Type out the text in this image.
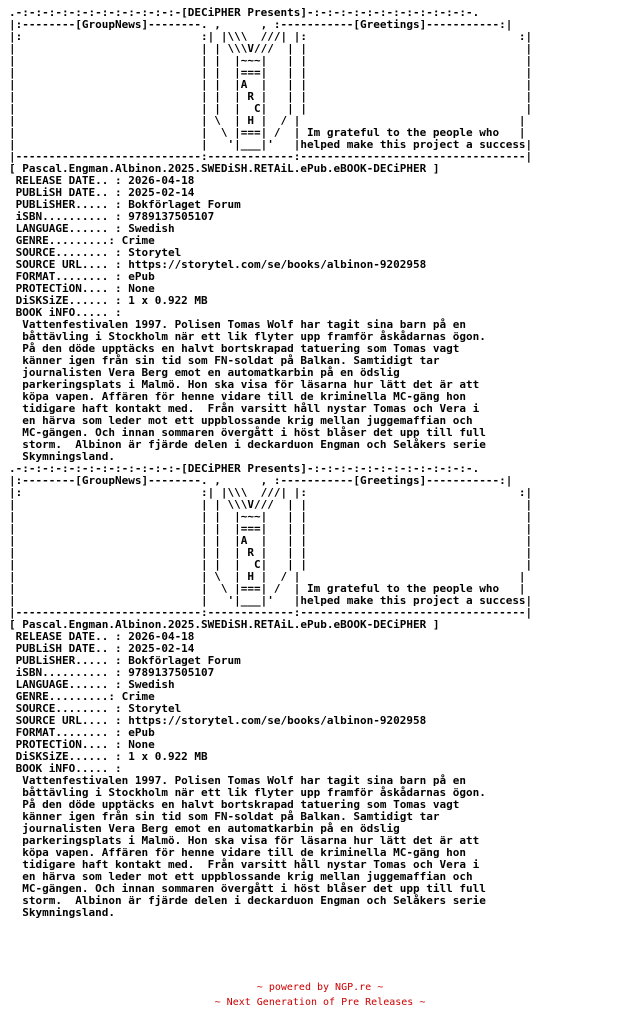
.-:-:-:-:-:-:-:-:-:-:-:-:-[DECiPHER Presents]-:-:-:-:-:-:-:-:-:-:-:-:-.
|:--------[GroupNews]--------. ,      , :-----------[Greetings]-----------:|
|:                           :| |\\\  ///| |:                                :|
|                            | | \\\V///  | |                                 |
|                            | |  |~~~|   | |                                 |
|                            | |  |===|   | |                                 |
|                            | |  |A  |   | |                                 |
|                            | |  | R |   | |                                 |
|                            | |  |  C|   | |                                 |
|                            | \  | H |  / |                                 |
|                            |  \ |===| /  | Im grateful to the people who   |
|                            |   '|___|'   |helped make this project a success|
|----------------------------:-------------:----------------------------------|
[ Pascal.Engman.Albinon.2025.SWEDiSH.RETAiL.ePub.eBOOK-DECiPHER ]
RELEASE DATE.. : 2026-04-18
PUBLiSH DATE.. : 2025-02-14
PUBLiSHER..... : Bokförlaget Forum
iSBN.......... : 9789137505107
LANGUAGE...... : Swedish
GENRE.........: Crime
SOURCE........ : Storytel
SOURCE URL.... : https://storytel.com/se/books/albinon-9202958
FORMAT........ : ePub
PROTECTiON.... : None
DiSKSiZE...... : 1 x 0.922 MB
BOOK iNFO..... :
Vattenfestivalen 1997. Polisen Tomas Wolf har tagit sina barn på en
båttävling i Stockholm när ett lik flyter upp framför åskådarnas ögon.
På den döde upptäcks en halvt bortskrapad tatuering som Tomas vagt
känner igen från sin tid som FN-soldat på Balkan. Samtidigt tar
journalisten Vera Berg emot en automatkarbin på en ödslig
parkeringsplats i Malmö. Hon ska visa för läsarna hur lätt det är att
köpa vapen. Affären för henne vidare till de kriminella MC-gäng hon
tidigare haft kontakt med.  Från varsitt håll nystar Tomas och Vera i
en härva som leder mot ett uppblossande krig mellan juggemaffian och
MC-gängen. Och innan sommaren övergått i höst blåser det upp till full
storm.  Albinon är fjärde delen i deckarduon Engman och Selåkers serie
Skymningsland.
.-:-:-:-:-:-:-:-:-:-:-:-:-[DECiPHER Presents]-:-:-:-:-:-:-:-:-:-:-:-:-.
|:--------[GroupNews]--------. ,      , :-----------[Greetings]-----------:|
|:                           :| |\\\  ///| |:                                :|
|                            | | \\\V///  | |                                 |
|                            | |  |~~~|   | |                                 |
|                            | |  |===|   | |                                 |
|                            | |  |A  |   | |                                 |
|                            | |  | R |   | |                                 |
|                            | |  |  C|   | |                                 |
|                            | \  | H |  / |                                 |
|                            |  \ |===| /  | Im grateful to the people who   |
|                            |   '|___|'   |helped make this project a success|
|----------------------------:-------------:----------------------------------|
[ Pascal.Engman.Albinon.2025.SWEDiSH.RETAiL.ePub.eBOOK-DECiPHER ]
RELEASE DATE.. : 2026-04-18
PUBLiSH DATE.. : 2025-02-14
PUBLiSHER..... : Bokförlaget Forum
iSBN.......... : 9789137505107
LANGUAGE...... : Swedish
GENRE.........: Crime
SOURCE........ : Storytel
SOURCE URL.... : https://storytel.com/se/books/albinon-9202958
FORMAT........ : ePub
PROTECTiON.... : None
DiSKSiZE...... : 1 x 0.922 MB
BOOK iNFO..... :
Vattenfestivalen 1997. Polisen Tomas Wolf har tagit sina barn på en
båttävling i Stockholm när ett lik flyter upp framför åskådarnas ögon.
På den döde upptäcks en halvt bortskrapad tatuering som Tomas vagt
känner igen från sin tid som FN-soldat på Balkan. Samtidigt tar
journalisten Vera Berg emot en automatkarbin på en ödslig
parkeringsplats i Malmö. Hon ska visa för läsarna hur lätt det är att
köpa vapen. Affären för henne vidare till de kriminella MC-gäng hon
tidigare haft kontakt med.  Från varsitt håll nystar Tomas och Vera i
en härva som leder mot ett uppblossande krig mellan juggemaffian och
MC-gängen. Och innan sommaren övergått i höst blåser det upp till full
storm.  Albinon är fjärde delen i deckarduon Engman och Selåkers serie
Skymningsland.
~ powered by NGP.re ~
~ Next Generation of Pre Releases ~
